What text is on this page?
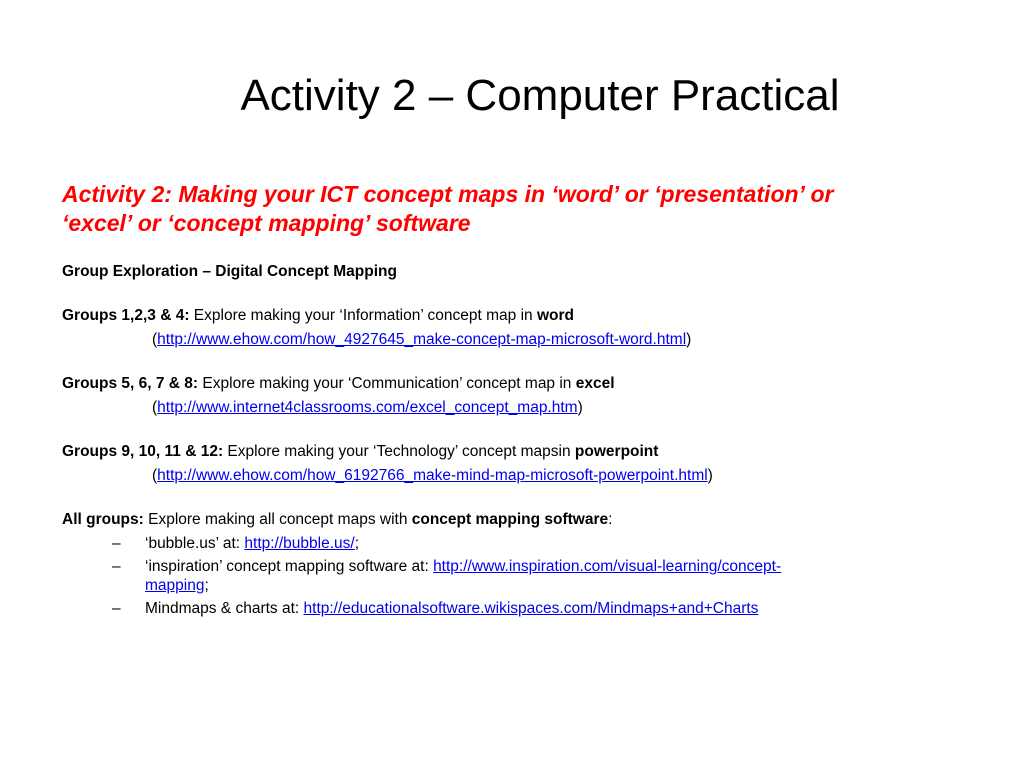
Activity 2 – Computer Practical

Activity 2: Making your ICT concept maps in ‘word’ or ‘presentation’ or
‘excel’ or ‘concept mapping’ software

Group Exploration – Digital Concept Mapping

Groups 1,2,3 & 4: Explore making your ‘Information’ concept map in word

(http://www.ehow.com/how_4927645_make-concept-map-microsoft-word.html)

Groups 5, 6, 7 & 8: Explore making your ‘Communication’ concept map in excel

(http://www.internet4classrooms.com/excel_concept_map.htm)

Groups 9, 10, 11 & 12: Explore making your ‘Technology’ concept mapsin powerpoint

(http://www.ehow.com/how_6192766_make-mind-map-microsoft-powerpoint.html)

All groups: Explore making all concept maps with concept mapping software:

– ‘bubble.us’ at: http://bubble.us/;
– ‘inspiration’ concept mapping software at: http://www.inspiration.com/visual-learning/concept-
mapping;
– Mindmaps & charts at: http://educationalsoftware.wikispaces.com/Mindmaps+and+Charts
